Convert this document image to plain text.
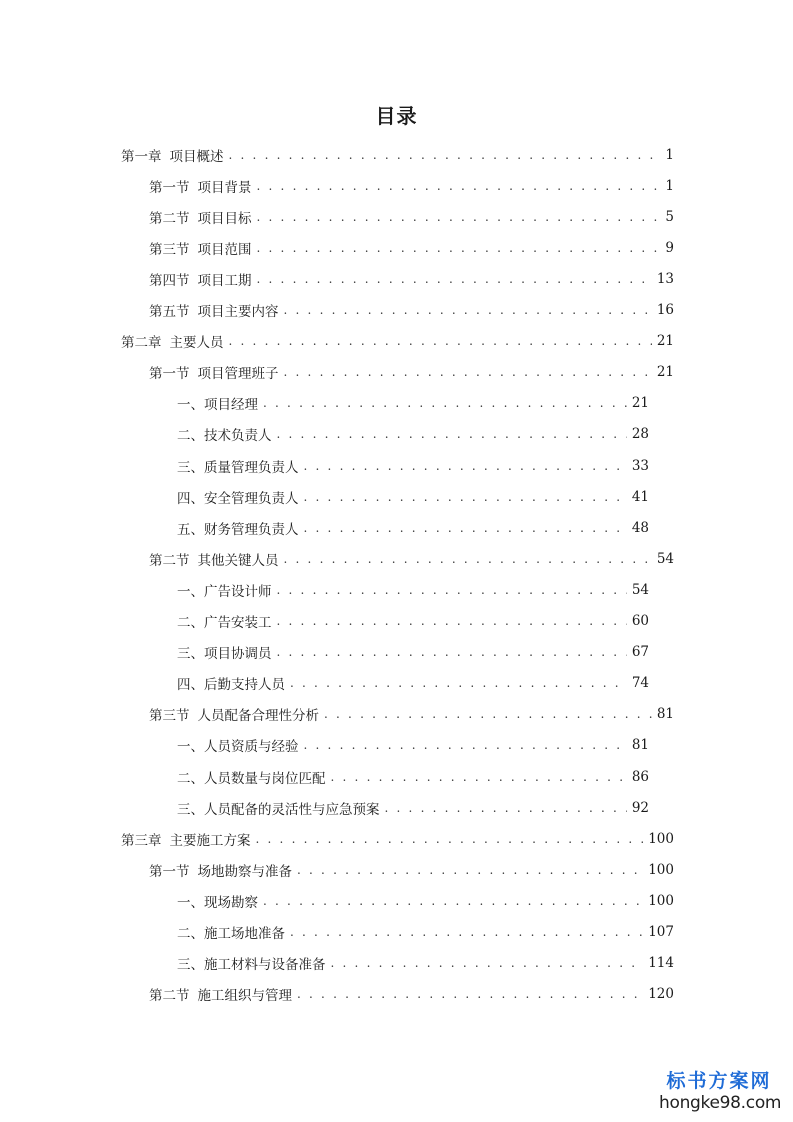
目录
第一章 项目概述 . . .	1
第一节 项目背景 . . .	1
第二节 项目目标 . . .	5
第三节 项目范围 . . .	9
第四节 项目工期 . . .	13
第五节 项目主要内容 . . .	16
第二章 主要人员 . . .	21
第一节 项目管理班子 . . .	21
一、项目经理 . . .	21
二、技术负责人 . . .	28
三、质量管理负责人 . . .	33
四、安全管理负责人 . . .	41
五、财务管理负责人 . . .	48
第二节 其他关键人员 . . .	54
一、广告设计师 . . .	54
二、广告安装工 . . .	60
三、项目协调员 . . .	67
四、后勤支持人员 . . .	74
第三节 人员配备合理性分析 . . .	81
一、人员资质与经验 . . .	81
二、人员数量与岗位匹配 . . .	86
三、人员配备的灵活性与应急预案 . . .	92
第三章 主要施工方案 . . .	100
第一节 场地勘察与准备 . . .	100
一、现场勘察 . . .	100
二、施工场地准备 . . .	107
三、施工材料与设备准备 . . .	114
第二节 施工组织与管理 . . .	120
标书方案网
hongke98.com
